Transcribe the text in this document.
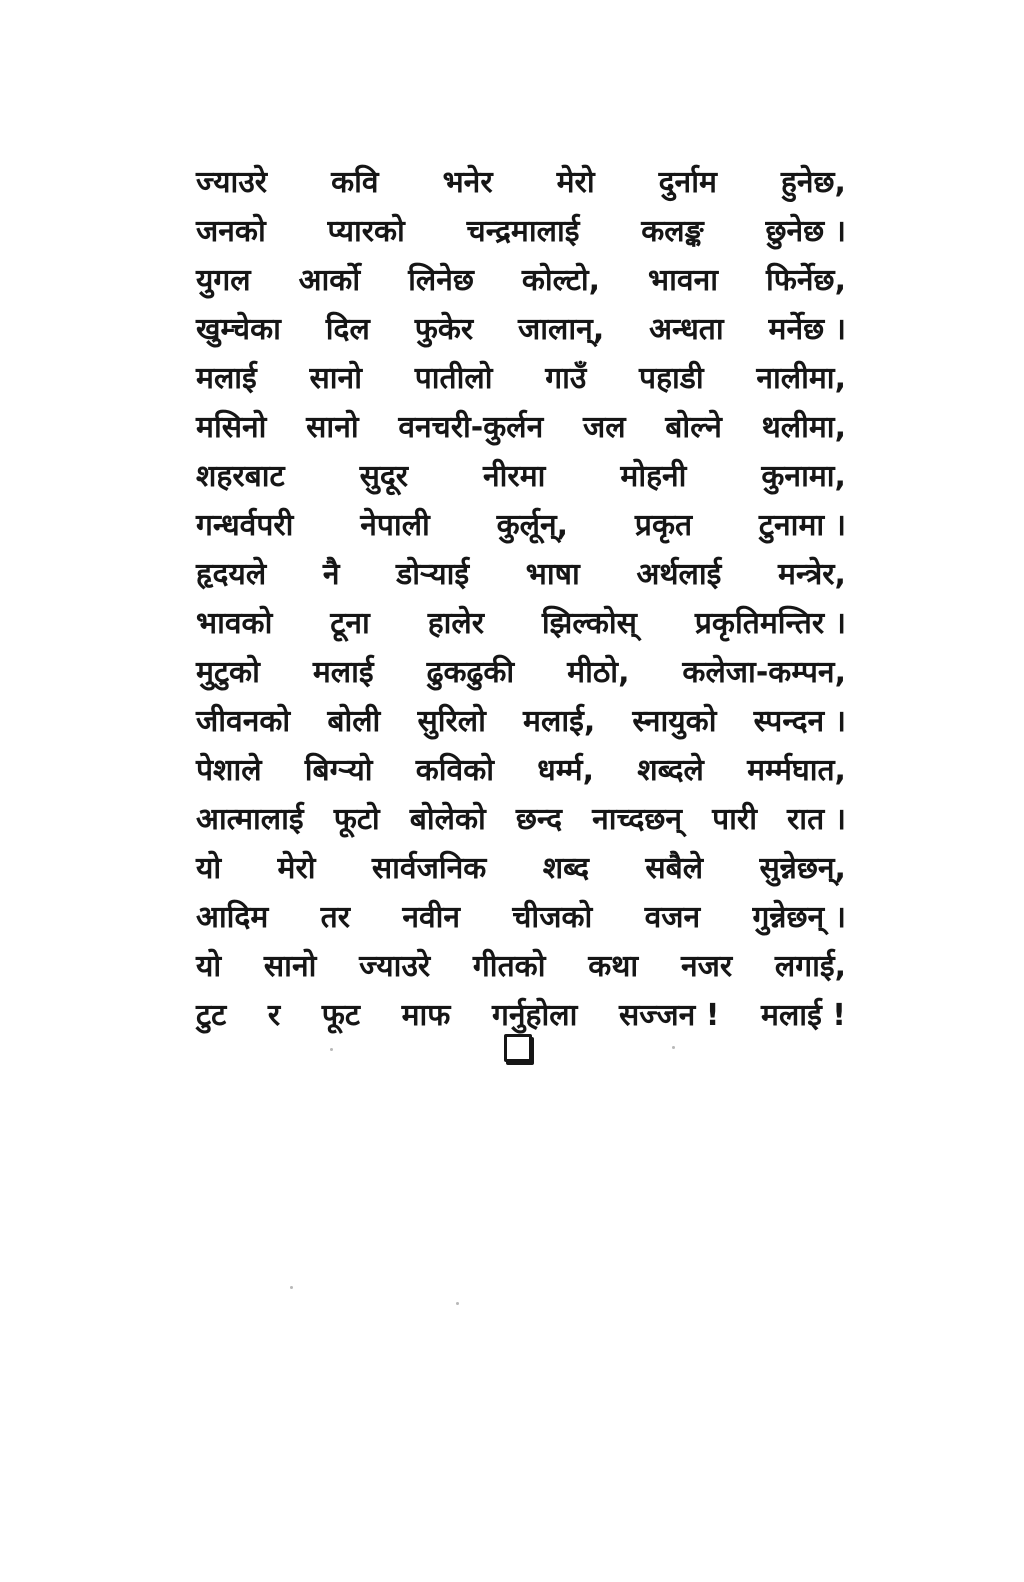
ज्याउरे कवि भनेर मेरो दुर्नाम हुनेछ,
जनको प्यारको चन्द्रमालाई कलङ्क छुनेछ ।
युगल आर्को लिनेछ कोल्टो, भावना फिर्नेछ,
खुम्चेका दिल फुकेर जालान्, अन्धता मर्नेछ ।
मलाई सानो पातीलो गाउँ पहाडी नालीमा,
मसिनो सानो वनचरी-कुर्लन जल बोल्ने थलीमा,
शहरबाट सुदूर नीरमा मोहनी कुनामा,
गन्धर्वपरी नेपाली कुर्लून्, प्रकृत टुनामा ।
हृदयले नै डोऱ्याई भाषा अर्थलाई मन्त्रेर,
भावको टूना हालेर झिल्कोस् प्रकृतिमन्तिर ।
मुटुको मलाई ढुकढुकी मीठो, कलेजा-कम्पन,
जीवनको बोली सुरिलो मलाई, स्नायुको स्पन्दन ।
पेशाले बिग्ऱ्यो कविको धर्म्म, शब्दले मर्म्मघात,
आत्मालाई फूटो बोलेको छन्द नाच्दछन् पारी रात ।
यो मेरो सार्वजनिक शब्द सबैले सुन्नेछन्,
आदिम तर नवीन चीजको वजन गुन्नेछन् ।
यो सानो ज्याउरे गीतको कथा नजर लगाई,
टुट र फूट माफ गर्नुहोला सज्जन ! मलाई !
